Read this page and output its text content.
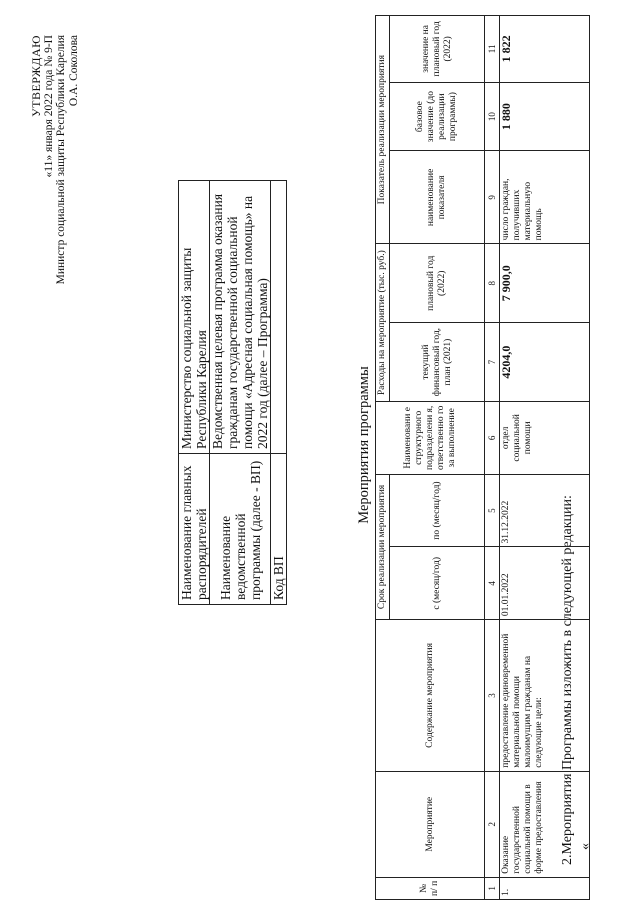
2.Мероприятия Программы изложить в следующей редакции: «
УТВЕРЖДАЮ «11» января 2022 года № 9-П Министр социальной защиты Республики Карелия О.А. Соколова
Наименование главных распорядителей	Министерство социальной защиты Республики Карелия
Наименование ведомственной программы (далее - ВП)	Ведомственная целевая программа оказания гражданам государственной социальной помощи «Адресная социальная помощь» на 2022 год (далее – Программа)
Код ВП	
Мероприятия программы
№ п/ п	Мероприятие	Содержание мероприятия	Срок реализации мероприятия		Наименовани е структурного подразделени я, ответственно го за выполнение	Расходы на мероприятие (тыс. руб.)		Показатель реализации мероприятия		
			с (месяц/год)	по (месяц/год)		текущий финансовый год, план (2021)	плановый год (2022)	наименование показателя	базовое значение (до реализации программы)	значение на плановый год (2022)
1	2	3	4	5	6	7	8	9	10	11
1.	Оказание государственной социальной помощи в форме предоставления	предоставление единовременной материальной помощи малоимущим гражданам на следующие цели:	01.01.2022	31.12.2022	отдел социальной помощи	4204,0	7 900,0	число граждан, получивших материальную помощь	1 880	1 822
